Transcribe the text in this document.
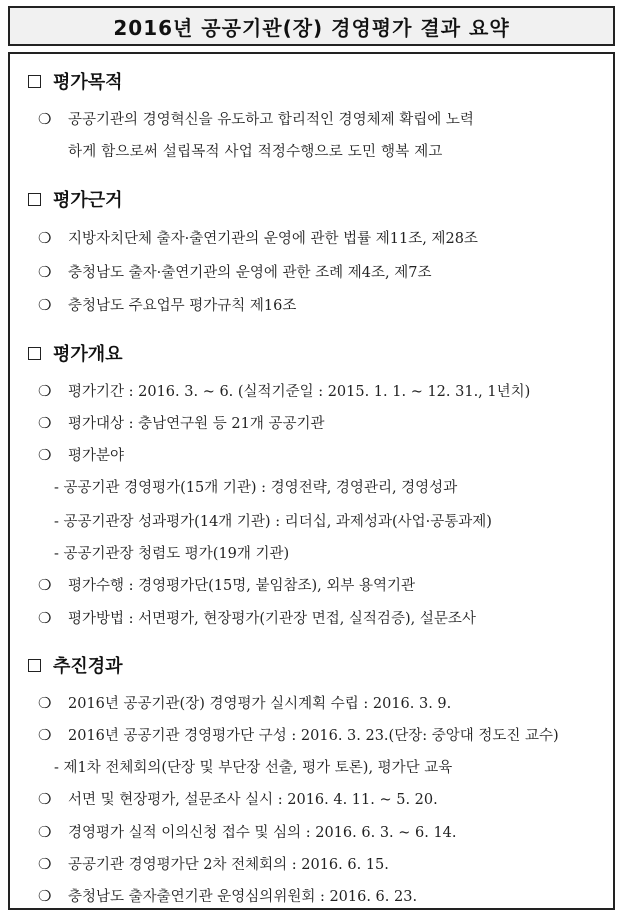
2016년 공공기관(장) 경영평가 결과 요약
평가목적
❍ 공공기관의 경영혁신을 유도하고 합리적인 경영체제 확립에 노력
하게 함으로써 설립목적 사업 적정수행으로 도민 행복 제고
평가근거
❍ 지방자치단체 출자·출연기관의 운영에 관한 법률 제11조, 제28조
❍ 충청남도 출자·출연기관의 운영에 관한 조례 제4조, 제7조
❍ 충청남도 주요업무 평가규칙 제16조
평가개요
❍ 평가기간 : 2016. 3. ~ 6. (실적기준일 : 2015. 1. 1. ~ 12. 31., 1년치)
❍ 평가대상 : 충남연구원 등 21개 공공기관
❍ 평가분야
- 공공기관 경영평가(15개 기관) : 경영전략, 경영관리, 경영성과
- 공공기관장 성과평가(14개 기관) : 리더십, 과제성과(사업·공통과제)
- 공공기관장 청렴도 평가(19개 기관)
❍ 평가수행 : 경영평가단(15명, 붙임참조), 외부 용역기관
❍ 평가방법 : 서면평가, 현장평가(기관장 면접, 실적검증), 설문조사
추진경과
❍ 2016년 공공기관(장) 경영평가 실시계획 수립 : 2016. 3. 9.
❍ 2016년 공공기관 경영평가단 구성 : 2016. 3. 23.(단장: 중앙대 정도진 교수)
- 제1차 전체회의(단장 및 부단장 선출, 평가 토론), 평가단 교육
❍ 서면 및 현장평가, 설문조사 실시 : 2016. 4. 11. ~ 5. 20.
❍ 경영평가 실적 이의신청 접수 및 심의 : 2016. 6. 3. ~ 6. 14.
❍ 공공기관 경영평가단 2차 전체회의 : 2016. 6. 15.
❍ 충청남도 출자출연기관 운영심의위원회 : 2016. 6. 23.
